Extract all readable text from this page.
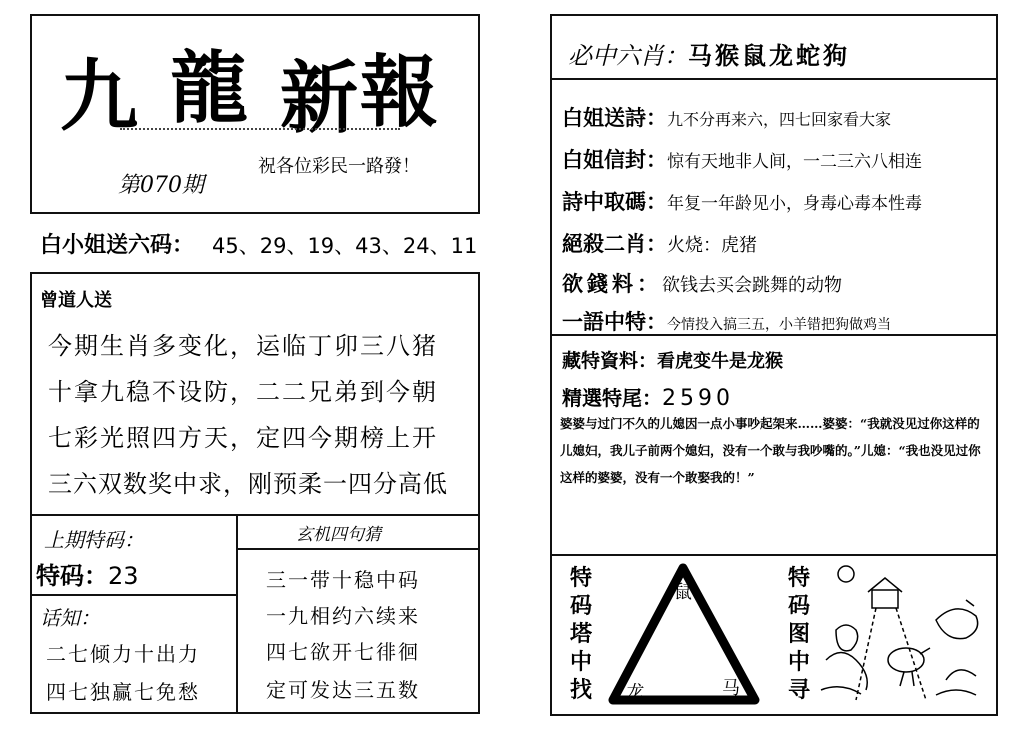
九 龍 新 報
第070期
祝各位彩民一路發！
白小姐送六码： 45、29、19、43、24、11
曾道人送
今期生肖多变化，运临丁卯三八猪
十拿九稳不设防，二二兄弟到今朝
七彩光照四方天，定四今期榜上开
三六双数奖中求，刚预柔一四分高低
上期特码：
特码：23
话知：
二七倾力十出力
四七独赢七免愁
玄机四句猜
三一带十稳中码
一九相约六续来
四七欲开七徘徊
定可发达三五数
必中六肖：马猴鼠龙蛇狗
白姐送詩：九不分再来六，四七回家看大家
白姐信封：惊有天地非人间，一二三六八相连
詩中取碼：年复一年龄见小，身毒心毒本性毒
絕殺二肖：火烧：虎猪
欲錢料：欲钱去买会跳舞的动物
一語中特：今情投入搞三五，小羊错把狗做鸡当
藏特資料：看虎变牛是龙猴
精選特尾：2590
婆婆与过门不久的儿媳因一点小事吵起架来……婆婆：“我就没见过你这样的儿媳妇，我儿子前两个媳妇，没有一个敢与我吵嘴的。”儿媳：“我也没见过你这样的婆婆，没有一个敢娶我的！”
特
码
塔
中
找
鼠
龙	马
特
码
图
中
寻
